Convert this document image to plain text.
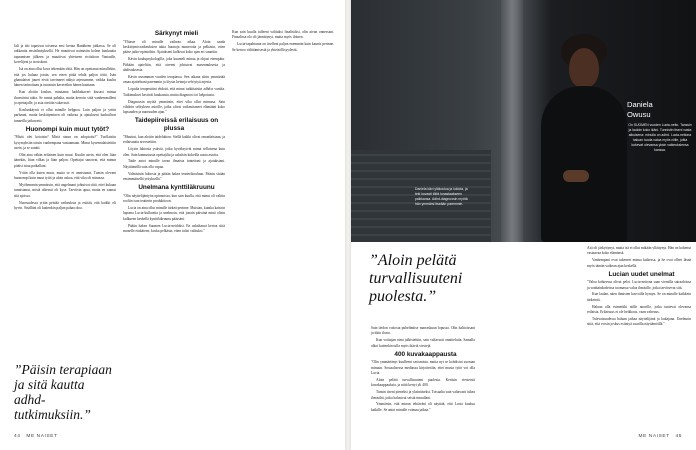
Jali ja äiti tapasivat toisensa ensi kertaa Hankkeen juhlassa. Se oli rakkautta ensisilmäyksellä. He muuttivat naimisiin kolme kuukautta tapaamisen jälkeen ja muuttivat yhteiseen rivitaloon Vantaalle, kovelijeni ja isosiskoni.

Isä on aina ollut kova tekemään töitä. Hän on opettanut minullekin, että jos haluaa jotain, sen eteen pitää tehdä paljon töitä. Isän ghanalaiset juuret eivät tarvinneet näkyä arjessamme, vaikka kuulin hänen tarinoitaan ja tutustuin kavereihin hänen kauttaan.

Kun aloitin koulun, muutama luokkakaveri kiusasi minua ihonvärini takia. Se tuntui pahalta, mutta kerroin siitä vanhemmilleni ja opettajalle, ja asia otettiin vakavasti.

Koulunkäynti ei ollut minulle helppoa. Luin paljon ja yritin parhaani, mutta keskittyminen oli vaikeaa ja ajatukseni harhailivat tunneilla jatkuvasti.

Huonompi kuin muut tytöt?

"Mistä olet kotoisin? Mistä sinun on adoptoitu?" Tuollaisiin kysymyksiin totuin vanhempana vastaamaan. Minut kyseenalaistettiin usein, ja se satutti.

Olin aina vähän erilainen kuin muut. Kuulin usein, että olen liian äänekäs, liian vilkas ja liian paljon. Opettajat sanoivat, että minun pitäisi istua paikallani.

Yritin olla kuten muut, mutta se ei onnistunut. Tunsin olevani huonompi kuin muut tytöt ja aloin uskoa, että vika oli minussa.

Myöhemmin ymmärsin, että ongelmani johtuivat siitä, ettei kukaan tunnistanut, mistä oikeasti oli kyse. Tarvitsin apua, mutta en saanut sitä ajoissa.

Nuoruudessa yritin peittää vaikeuksia ja esittää, että kaikki oli hyvin. Sisälläni oli kuitenkin paljon pahaa oloa.

”Päisin terapiaan ja sitä kautta adhd-tutkimuksiin.”

Särkynyt mieli

"Yläaste oli minulle vaikeaa aikaa. Aloin saada keskittymisvaikeuksien takia huonoja numeroita ja pelkäsin, etten pääse jatko-opintoihin. Ajatukseni kulkivat koko ajan eri suuntiin.

Kävin koulupsykologilla, joka kuunteli minua ja ohjasi eteenpäin. Pitkään ajateltiin, että oireeni johtuivat masennuksesta ja ahdistuksesta.

Kävin useamman vuoden terapiassa. Sen aikana aloin ymmärtää omaa ajatteluani paremmin ja löysin keinoja selviytyä arjesta.

Lopulta terapeuttini ehdotti, että minut tutkittaisiin adhd:n varalta. Tutkimukset kestivät kuukausia, mutta diagnoosi toi helpotusta.

Diagnoosin myötä ymmärsin, ettei vika ollut minussa. Sain vihdoin selityksen asioille, jotka olivat vaikeuttaneet elämääni koko lapsuuden ja nuoruuden ajan."

Taidepiireissä erilaisuus on plussa

"Muuttui, kun aloitin taidelukion. Siellä kaikki olivat omanlaisiaan, ja erilaisuutta arvostettiin.

Löysin lukiosta ystäviä, jotka hyväksyivät minut sellaisena kuin olen. Sain kannustusta opettajilta ja uskalsin kokeilla uusia asioita.

Taide antoi minulle tavan ilmaista tunteitani ja ajatuksiani. Näyttämöllä sain olla vapaa.

Valmistuin lukiosta ja päätin hakea teatterikouluun. Pääsin sisään ensimmäisellä yrityksellä."

Unelmana kynttiläkruunu

"Olin näyttelijäntyön opinnoissa, kun sain kuulla, että minut oli valittu rooliin ison teatterin produktioon.

Lucia on aina ollut minulle tärkeä perinne. Muistan, kuinka katsoin lapsena Lucia-kulkuetta ja unelmoin, että jonain päivänä minä olisin kulkueen keskellä kynttiläkruunu päässäni.

Päätin hakea Suomen Lucia-neidoksi. En uskaltanut kertoa siitä monelle etukäteen, koska pelkäsin, etten tulisi valituksi."

Kun sain kuulla tulleeni valituksi finalistiksi, olin aivan onnessani. Finaalissa olo oli jännittynyt, mutta myös iloinen.

Lucia-tapahtuma on itselleni paljon enemmän kuin kaunis perinne. Se kertoo välittämisestä ja yhteisöllisyydestä.

44 ME NAISET
Daniela
Owusu
On SUOMEN vuoden Lucia-neito. Tanssin ja lauloin koko ikäni. Tunnistin itseni vasta aikuisena: minulla on adhd. Lucia-neitona haluan tuoda valoa myös niille, jotka kokevat olevansa yksin vaikeuksiensa kanssa.
Daniela kävi yläkoulua ja lukiota, ja teki kovasti töitä lunastaakseen paikkansa. Adhd-diagnoosin myötä hän ymmärsi itseään paremmin.
”Aloin pelätä turvallisuuteni puolesta.”

Sain tiedon voitosta puhelimitse marraskuun lopussa. Olin haltioissani ja itkin ilosta.

Kun voittajan nimi julkistettiin, sain valtavasti onnitteluita. Samalla alkoi kuitenkin tulla myös ikäviä viestejä.

400 kuvakaappausta

"Olin ymmärtänyt kuulleeni rasismista, mutta nyt se kohdistui suoraan minuun. Sosiaalisessa mediassa kirjoitettiin, ettei musta tyttö voi olla Lucia.

Aloin pelätä turvallisuuteni puolesta. Keräsin viesteistä kuvakaappauksia, ja niitä kertyi yli 400.

Tunsin itseni pieneksi ja yksinäiseksi. Toisaalta sain valtavasti tukea ihmisiltä, jotka halusivat seistä rinnallani.

Ymmärsin, että minun tehtäväni oli näyttää, että Lucia kuuluu kaikille. Se antoi minulle voimaa jatkaa."

Äiti oli järkyttynyt, mutta isä ei ollut mikään yllättynyt. Hän on kokenut vastaavaa koko elämänsä.

Vanhempani ovat tukeneet minua kaikessa, ja he ovat olleet läsnä myös tämän vaikean ajan keskellä.

Lucian uudet unelmat

"Valoa kohteessa olivat pelot. Lucia-neitona saan vierailla sairaaloissa ja vanhainkodeissa tuomassa valoa ihmisille, jotka tarvitsevat sitä.

Kun laulan, näen ihmisten kasvoilla hymyn. Se on minulle kaikkein tärkeintä.

Haluan olla esimerkki niille nuorille, jotka tuntevat olevansa erilaisia. Erilaisuus ei ole heikkous, vaan vahvuus.

Tulevaisuudessa haluan jatkaa näyttelijänä ja laulajana. Unelmoin siitä, että voisin joskus esiintyä suurilla näyttämöillä."

ME NAISET 45
